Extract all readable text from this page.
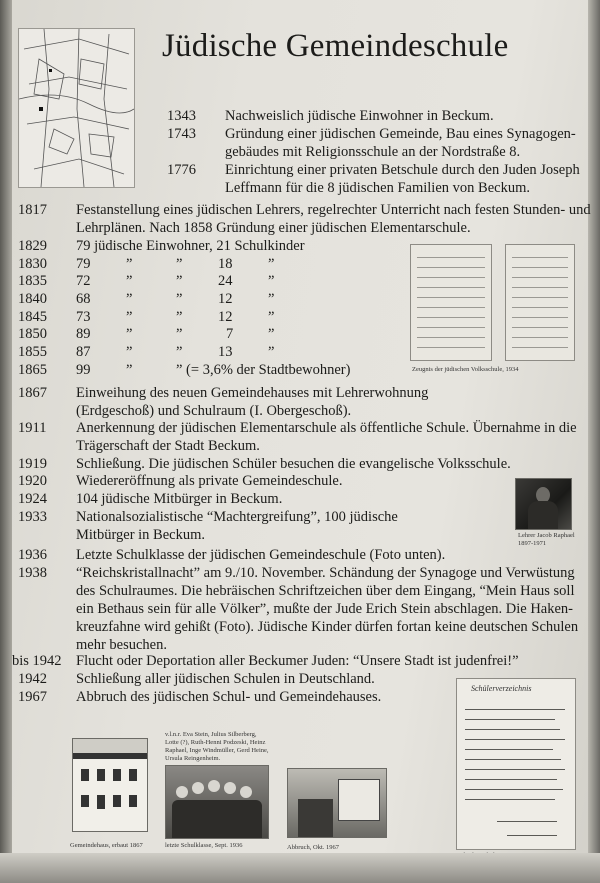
Jüdische Gemeindeschule
1343 Nachweislich jüdische Einwohner in Beckum.
1743 Gründung einer jüdischen Gemeinde, Bau eines Synagogen-
gebäudes mit Religionsschule an der Nordstraße 8.
1776 Einrichtung einer privaten Betschule durch den Juden Joseph
Leffmann für die 8 jüdischen Familien von Beckum.
1817 Festanstellung eines jüdischen Lehrers, regelrechter Unterricht nach festen Stunden- und
Lehrplänen. Nach 1858 Gründung einer jüdischen Elementarschule.
1829 79 jüdische Einwohner, 21 Schulkinder
1830 79 ”	” 18 ”
1835 72 ”	” 24 ”
1840 68 ”	” 12 ”
1845 73 ”	” 12 ”
1850 89 ”	”	7 ”
1855 87 ”	” 13 ”
1865 99 ”	” (= 3,6% der Stadtbewohner)	Zeugnis der jüdischen Volksschule, 1934
1867 Einweihung des neuen Gemeindehauses mit Lehrerwohnung
(Erdgeschoß) und Schulraum (I. Obergeschoß).
1911 Anerkennung der jüdischen Elementarschule als öffentliche Schule. Übernahme in die
Trägerschaft der Stadt Beckum.
1919 Schließung. Die jüdischen Schüler besuchen die evangelische Volksschule.
1920 Wiedereröffnung als private Gemeindeschule.
1924 104 jüdische Mitbürger in Beckum.
1933 Nationalsozialistische “Machtergreifung”, 100 jüdische
Mitbürger in Beckum.
1936 Letzte Schulklasse der jüdischen Gemeindeschule (Foto unten).
1938 “Reichskristallnacht” am 9./10. November. Schändung der Synagoge und Verwüstung
des Schulraumes. Die hebräischen Schriftzeichen über dem Eingang, “Mein Haus soll
ein Bethaus sein für alle Völker”, mußte der Jude Erich Stein abschlagen. Die Haken-
kreuzfahne wird gehißt (Foto). Jüdische Kinder dürfen fortan keine deutschen Schulen
mehr besuchen.
bis 1942 Flucht oder Deportation aller Beckumer Juden: “Unsere Stadt ist judenfrei!”
1942 Schließung aller jüdischen Schulen in Deutschland.
1967 Abbruch des jüdischen Schul- und Gemeindehauses.
Lehrer Jacob Raphael
1897-1971
Gemeindehaus, erbaut 1867
v.l.n.r. Eva Stein, Julius Silberberg,
Lotte (?), Ruth-Henni Podzeski, Heinz
Raphael, Inge Windmüller, Gerd Heine,
Ursula Reingenheim.
letzte Schulklasse, Sept. 1936	Abbruch, Okt. 1967
Schülerverzeichnis
